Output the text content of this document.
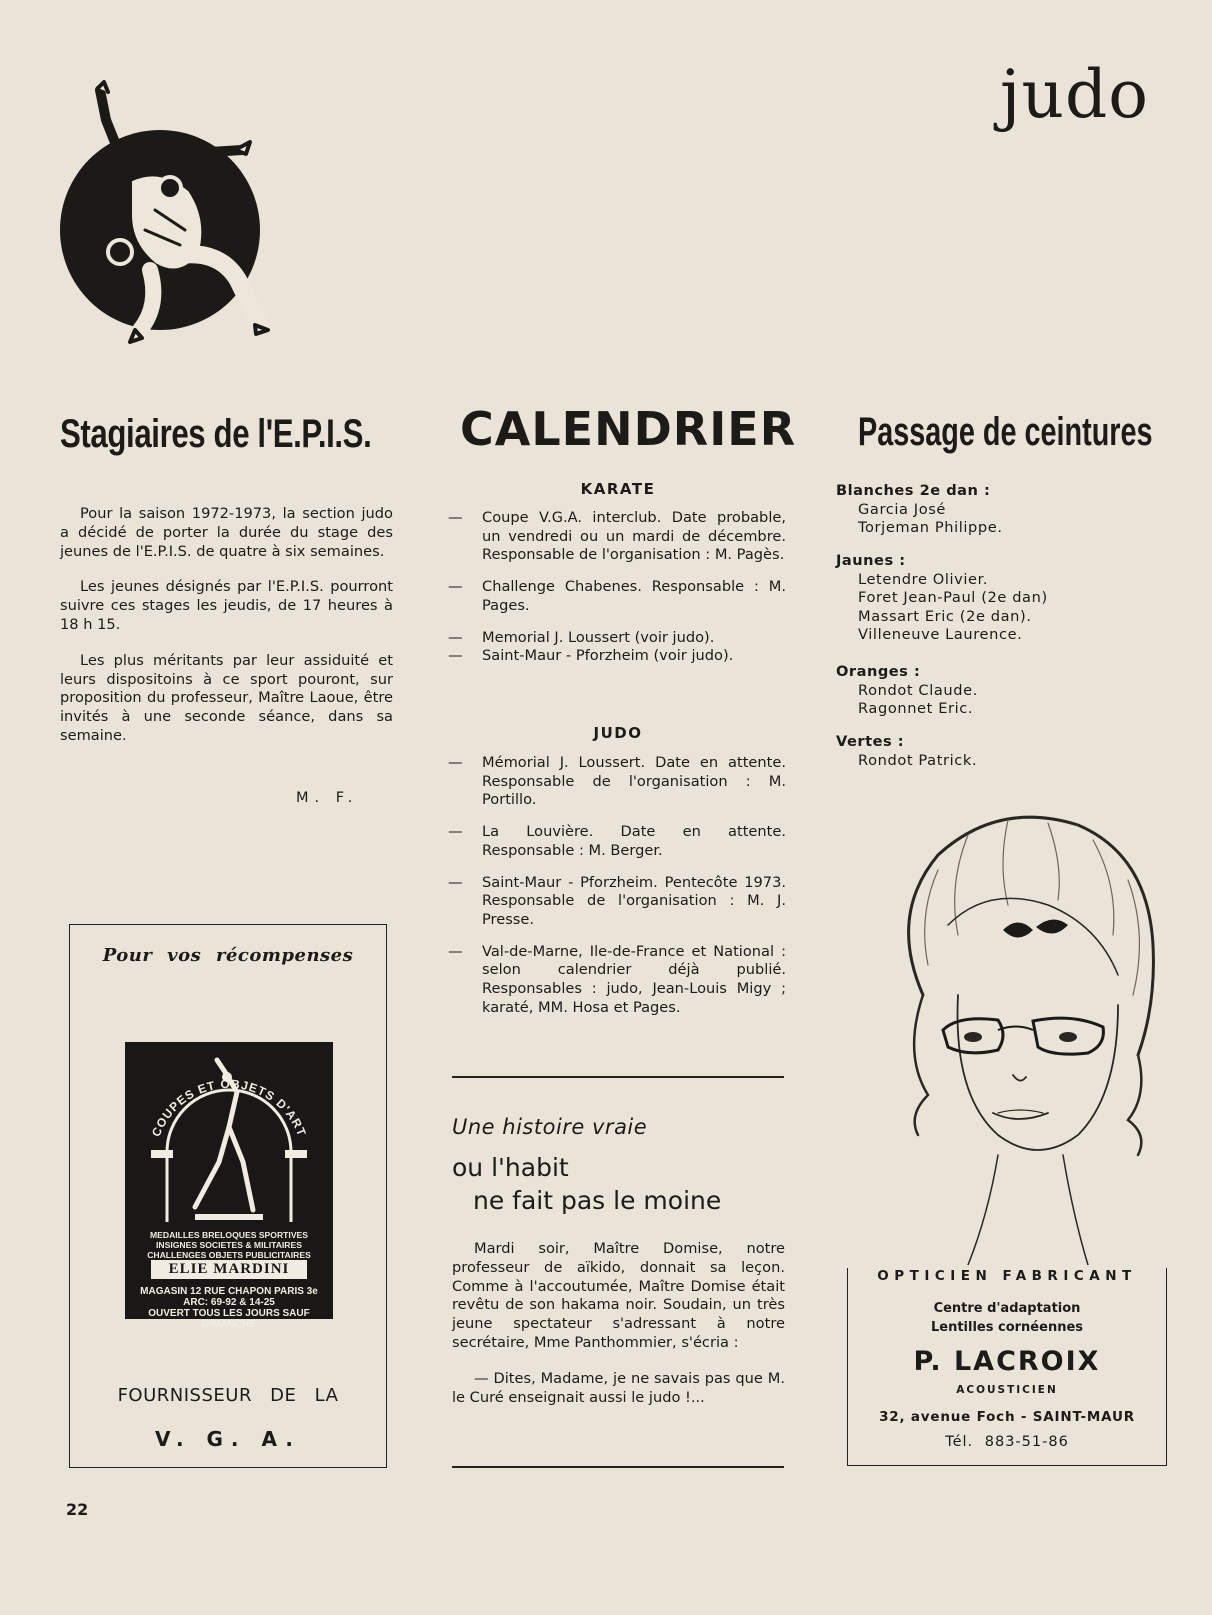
judo
22
Stagiaires de l'E.P.I.S.

Pour la saison 1972-1973, la section judo a décidé de porter la durée du stage des jeunes de l'E.P.I.S. de quatre à six semaines.

Les jeunes désignés par l'E.P.I.S. pourront suivre ces stages les jeudis, de 17 heures à 18 h 15.

Les plus méritants par leur assiduité et leurs dispositoins à ce sport pouront, sur proposition du professeur, Maître Laoue, être invités à une seconde séance, dans sa semaine.

M. F.
Pour vos récompenses
COUPES ET OBJETS D'ART
MEDAILLES BRELOQUES SPORTIVES
INSIGNES SOCIETES & MILITAIRES
CHALLENGES OBJETS PUBLICITAIRES
ELIE MARDINI
MAGASIN 12 RUE CHAPON PARIS 3e
ARC: 69-92 & 14-25
OUVERT TOUS LES JOURS SAUF DIMANCHE
FOURNISSEUR DE LA
V. G. A.
CALENDRIER
KARATE
— Coupe V.G.A. interclub. Date probable, un vendredi ou un mardi de décembre. Responsable de l'organisation : M. Pagès.
— Challenge Chabenes. Responsable : M. Pages.
— Memorial J. Loussert (voir judo).
— Saint-Maur - Pforzheim (voir judo).
JUDO
— Mémorial J. Loussert. Date en attente. Responsable de l'organisation : M. Portillo.
— La Louvière. Date en attente. Responsable : M. Berger.
— Saint-Maur - Pforzheim. Pentecôte 1973. Responsable de l'organisation : M. J. Presse.
— Val-de-Marne, Ile-de-France et National : selon calendrier déjà publié. Responsables : judo, Jean-Louis Migy ; karaté, MM. Hosa et Pages.
Une histoire vraie
ou l'habit
ne fait pas le moine

Mardi soir, Maître Domise, notre professeur de aïkido, donnait sa leçon. Comme à l'accoutumée, Maître Domise était revêtu de son hakama noir. Soudain, un très jeune spectateur s'adressant à notre secrétaire, Mme Panthommier, s'écria :

— Dites, Madame, je ne savais pas que M. le Curé enseignait aussi le judo !...

Passage de ceintures
Blanches 2e dan :
Garcia José
Torjeman Philippe.
Jaunes :
Letendre Olivier.
Foret Jean-Paul (2e dan)
Massart Eric (2e dan).
Villeneuve Laurence.
Oranges :
Rondot Claude.
Ragonnet Eric.
Vertes :
Rondot Patrick.
OPTICIEN FABRICANT
Centre d'adaptation
Lentilles cornéennes
P. LACROIX
ACOUSTICIEN
32, avenue Foch - SAINT-MAUR
Tél. 883-51-86
